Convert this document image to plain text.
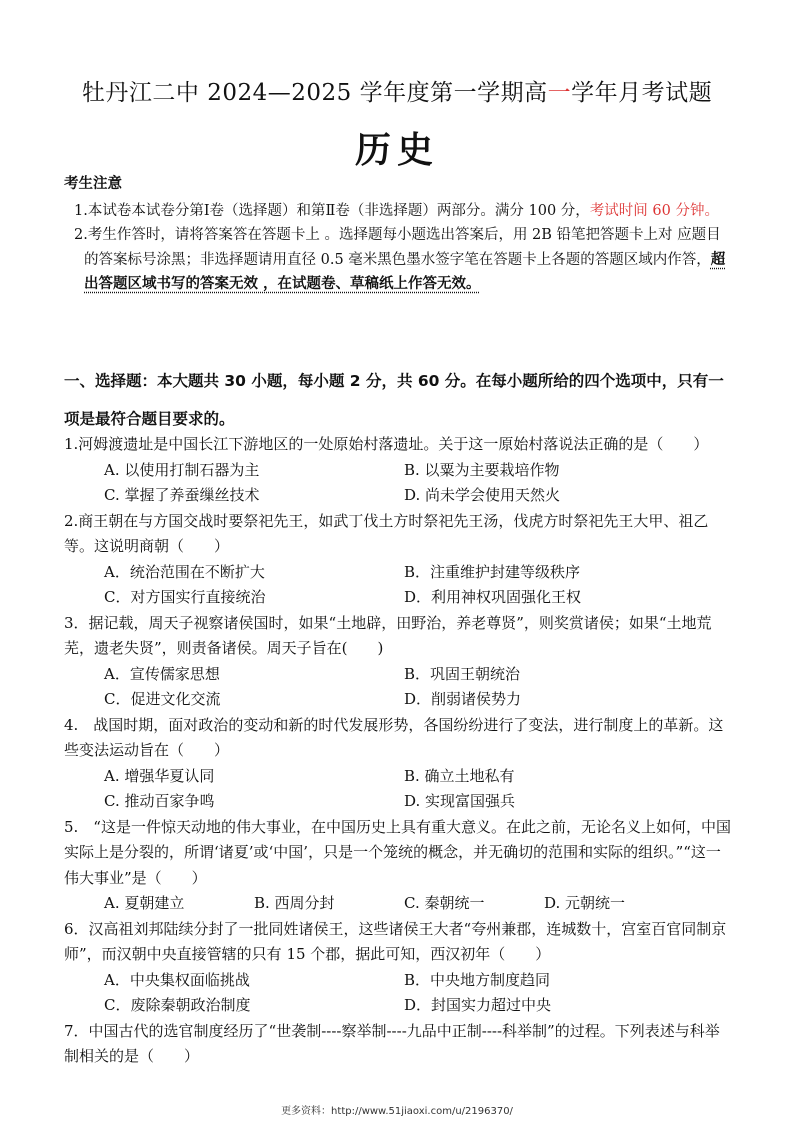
牡丹江二中 2024—2025 学年度第一学期高一学年月考试题
历史
考生注意
1.本试卷本试卷分第Ⅰ卷（选择题）和第Ⅱ卷（非选择题）两部分。满分 100 分，考试时间 60 分钟。
2.考生作答时，请将答案答在答题卡上 。选择题每小题选出答案后，用 2B 铅笔把答题卡上对 应题目的答案标号涂黑；非选择题请用直径 0.5 毫米黑色墨水签字笔在答题卡上各题的答题区域内作答，超出答题区域书写的答案无效 ，在试题卷、草稿纸上作答无效。
一、选择题：本大题共 30 小题，每小题 2 分，共 60 分。在每小题所给的四个选项中，只有一项是最符合题目要求的。

1.河姆渡遗址是中国长江下游地区的一处原始村落遗址。关于这一原始村落说法正确的是（　　）

A. 以使用打制石器为主	B. 以粟为主要栽培作物
C. 掌握了养蚕缫丝技术	D. 尚未学会使用天然火

2.商王朝在与方国交战时要祭祀先王，如武丁伐土方时祭祀先王汤，伐虎方时祭祀先王大甲、祖乙等。这说明商朝（　　）

A．统治范围在不断扩大	B．注重维护封建等级秩序
C．对方国实行直接统治	D．利用神权巩固强化王权

3．据记载，周天子视察诸侯国时，如果“土地辟，田野治，养老尊贤”，则奖赏诸侯；如果“土地荒芜，遗老失贤”，则责备诸侯。周天子旨在(　　)

A．宣传儒家思想	B．巩固王朝统治
C．促进文化交流	D．削弱诸侯势力

4.　战国时期，面对政治的变动和新的时代发展形势，各国纷纷进行了变法，进行制度上的革新。这些变法运动旨在（　　）

A. 增强华夏认同	B. 确立土地私有
C. 推动百家争鸣	D. 实现富国强兵

5.　“这是一件惊天动地的伟大事业，在中国历史上具有重大意义。在此之前，无论名义上如何，中国实际上是分裂的，所谓‘诸夏’或‘中国’，只是一个笼统的概念，并无确切的范围和实际的组织。”“这一伟大事业”是（　　）

A. 夏朝建立	B. 西周分封	C. 秦朝统一	D. 元朝统一

6．汉高祖刘邦陆续分封了一批同姓诸侯王，这些诸侯王大者“夸州兼郡，连城数十，宫室百官同制京师”，而汉朝中央直接管辖的只有 15 个郡，据此可知，西汉初年（　　）

A．中央集权面临挑战	B．中央地方制度趋同
C．废除秦朝政治制度	D．封国实力超过中央

7．中国古代的选官制度经历了“世袭制----察举制----九品中正制----科举制”的过程。下列表述与科举制相关的是（　　）

更多资料：http://www.51jiaoxi.com/u/2196370/
